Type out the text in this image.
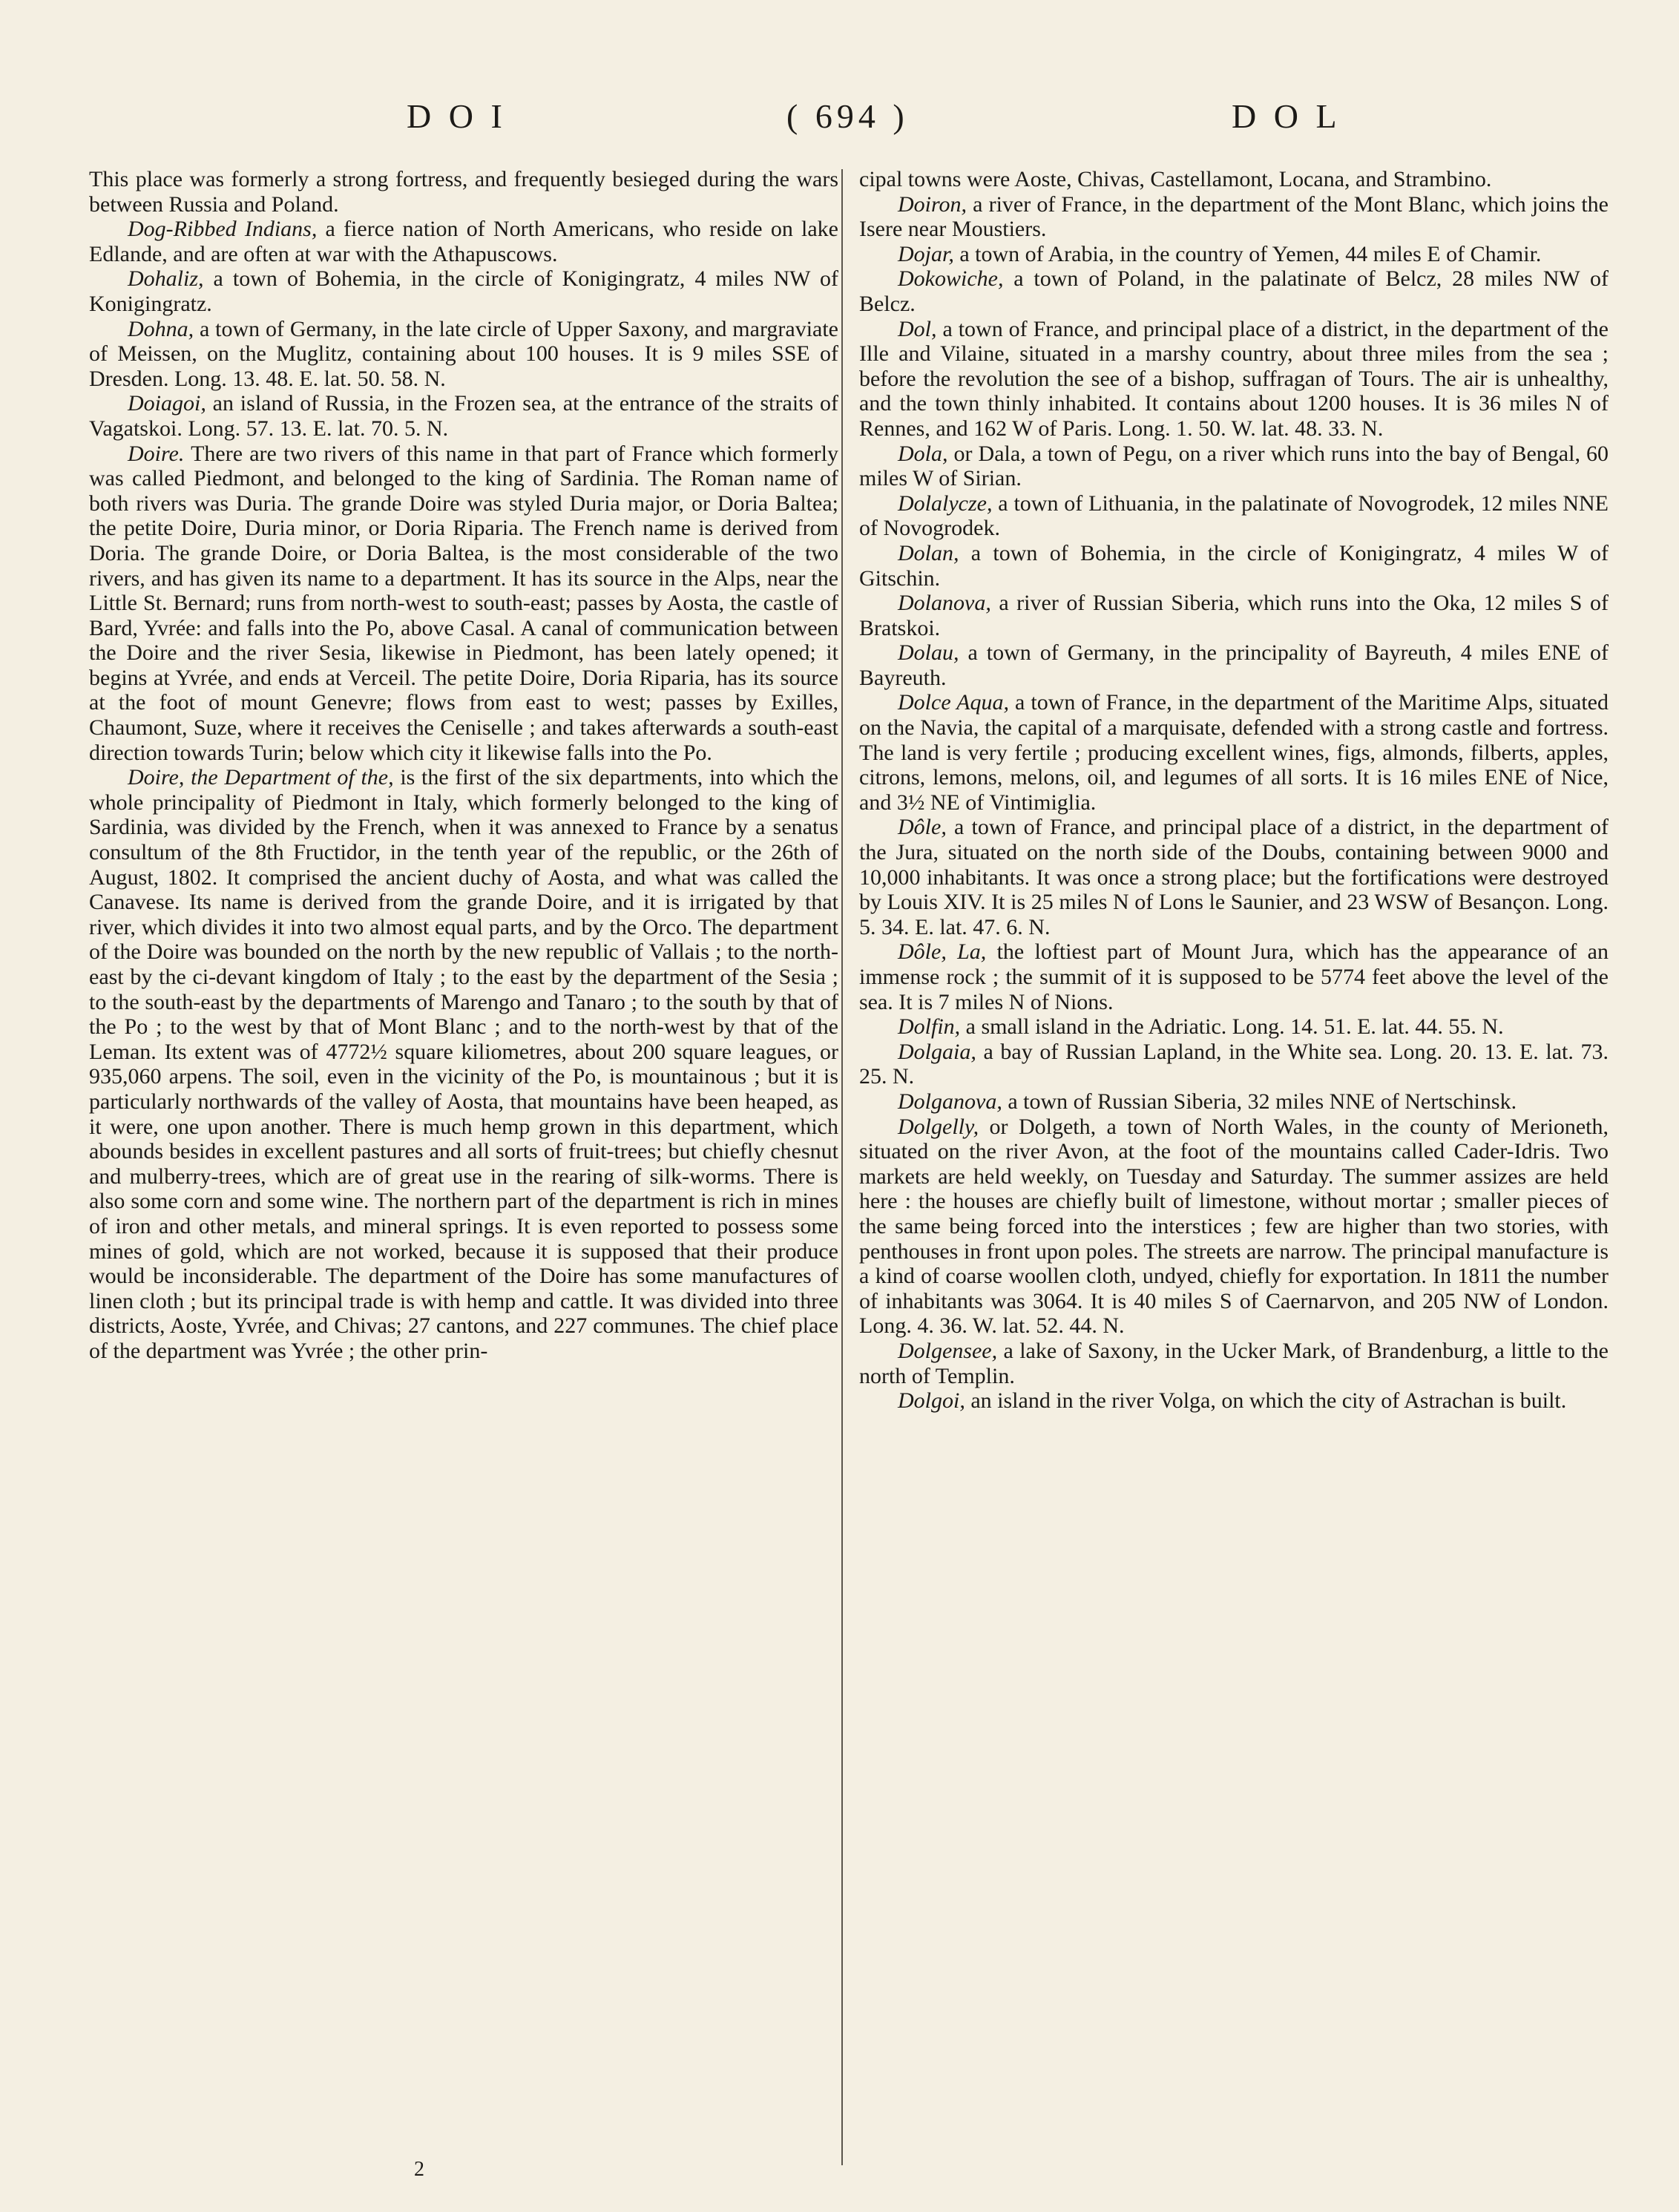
D O I	( 694 )	D O L

This place was formerly a strong fortress, and frequently besieged during the wars between Russia and Poland.

Dog-Ribbed Indians, a fierce nation of North Americans, who reside on lake Edlande, and are often at war with the Athapuscows.

Dohaliz, a town of Bohemia, in the circle of Konigingratz, 4 miles NW of Konigingratz.

Dohna, a town of Germany, in the late circle of Upper Saxony, and margraviate of Meissen, on the Muglitz, containing about 100 houses. It is 9 miles SSE of Dresden. Long. 13. 48. E. lat. 50. 58. N.

Doiagoi, an island of Russia, in the Frozen sea, at the entrance of the straits of Vagatskoi. Long. 57. 13. E. lat. 70. 5. N.

Doire. There are two rivers of this name in that part of France which formerly was called Piedmont, and belonged to the king of Sardinia. The Roman name of both rivers was Duria. The grande Doire was styled Duria major, or Doria Baltea; the petite Doire, Duria minor, or Doria Riparia. The French name is derived from Doria. The grande Doire, or Doria Baltea, is the most considerable of the two rivers, and has given its name to a department. It has its source in the Alps, near the Little St. Bernard; runs from north-west to south-east; passes by Aosta, the castle of Bard, Yvrée: and falls into the Po, above Casal. A canal of communication between the Doire and the river Sesia, likewise in Piedmont, has been lately opened; it begins at Yvrée, and ends at Verceil. The petite Doire, Doria Riparia, has its source at the foot of mount Genevre; flows from east to west; passes by Exilles, Chaumont, Suze, where it receives the Ceniselle ; and takes afterwards a south-east direction towards Turin; below which city it likewise falls into the Po.

Doire, the Department of the, is the first of the six departments, into which the whole principality of Piedmont in Italy, which formerly belonged to the king of Sardinia, was divided by the French, when it was annexed to France by a senatus consultum of the 8th Fructidor, in the tenth year of the republic, or the 26th of August, 1802. It comprised the ancient duchy of Aosta, and what was called the Canavese. Its name is derived from the grande Doire, and it is irrigated by that river, which divides it into two almost equal parts, and by the Orco. The department of the Doire was bounded on the north by the new republic of Vallais ; to the north-east by the ci-devant kingdom of Italy ; to the east by the department of the Sesia ; to the south-east by the departments of Marengo and Tanaro ; to the south by that of the Po ; to the west by that of Mont Blanc ; and to the north-west by that of the Leman. Its extent was of 4772½ square kiliometres, about 200 square leagues, or 935,060 arpens. The soil, even in the vicinity of the Po, is mountainous ; but it is particularly northwards of the valley of Aosta, that mountains have been heaped, as it were, one upon another. There is much hemp grown in this department, which abounds besides in excellent pastures and all sorts of fruit-trees; but chiefly chesnut and mulberry-trees, which are of great use in the rearing of silk-worms. There is also some corn and some wine. The northern part of the department is rich in mines of iron and other metals, and mineral springs. It is even reported to possess some mines of gold, which are not worked, because it is supposed that their produce would be inconsiderable. The department of the Doire has some manufactures of linen cloth ; but its principal trade is with hemp and cattle. It was divided into three districts, Aoste, Yvrée, and Chivas; 27 cantons, and 227 communes. The chief place of the department was Yvrée ; the other prin-

cipal towns were Aoste, Chivas, Castellamont, Locana, and Strambino.

Doiron, a river of France, in the department of the Mont Blanc, which joins the Isere near Moustiers.

Dojar, a town of Arabia, in the country of Yemen, 44 miles E of Chamir.

Dokowiche, a town of Poland, in the palatinate of Belcz, 28 miles NW of Belcz.

Dol, a town of France, and principal place of a district, in the department of the Ille and Vilaine, situated in a marshy country, about three miles from the sea ; before the revolution the see of a bishop, suffragan of Tours. The air is unhealthy, and the town thinly inhabited. It contains about 1200 houses. It is 36 miles N of Rennes, and 162 W of Paris. Long. 1. 50. W. lat. 48. 33. N.

Dola, or Dala, a town of Pegu, on a river which runs into the bay of Bengal, 60 miles W of Sirian.

Dolalycze, a town of Lithuania, in the palatinate of Novogrodek, 12 miles NNE of Novogrodek.

Dolan, a town of Bohemia, in the circle of Konigingratz, 4 miles W of Gitschin.

Dolanova, a river of Russian Siberia, which runs into the Oka, 12 miles S of Bratskoi.

Dolau, a town of Germany, in the principality of Bayreuth, 4 miles ENE of Bayreuth.

Dolce Aqua, a town of France, in the department of the Maritime Alps, situated on the Navia, the capital of a marquisate, defended with a strong castle and fortress. The land is very fertile ; producing excellent wines, figs, almonds, filberts, apples, citrons, lemons, melons, oil, and legumes of all sorts. It is 16 miles ENE of Nice, and 3½ NE of Vintimiglia.

Dôle, a town of France, and principal place of a district, in the department of the Jura, situated on the north side of the Doubs, containing between 9000 and 10,000 inhabitants. It was once a strong place; but the fortifications were destroyed by Louis XIV. It is 25 miles N of Lons le Saunier, and 23 WSW of Besançon. Long. 5. 34. E. lat. 47. 6. N.

Dôle, La, the loftiest part of Mount Jura, which has the appearance of an immense rock ; the summit of it is supposed to be 5774 feet above the level of the sea. It is 7 miles N of Nions.

Dolfin, a small island in the Adriatic. Long. 14. 51. E. lat. 44. 55. N.

Dolgaia, a bay of Russian Lapland, in the White sea. Long. 20. 13. E. lat. 73. 25. N.

Dolganova, a town of Russian Siberia, 32 miles NNE of Nertschinsk.

Dolgelly, or Dolgeth, a town of North Wales, in the county of Merioneth, situated on the river Avon, at the foot of the mountains called Cader-Idris. Two markets are held weekly, on Tuesday and Saturday. The summer assizes are held here : the houses are chiefly built of limestone, without mortar ; smaller pieces of the same being forced into the interstices ; few are higher than two stories, with penthouses in front upon poles. The streets are narrow. The principal manufacture is a kind of coarse woollen cloth, undyed, chiefly for exportation. In 1811 the number of inhabitants was 3064. It is 40 miles S of Caernarvon, and 205 NW of London. Long. 4. 36. W. lat. 52. 44. N.

Dolgensee, a lake of Saxony, in the Ucker Mark, of Brandenburg, a little to the north of Templin.

Dolgoi, an island in the river Volga, on which the city of Astrachan is built.

2
